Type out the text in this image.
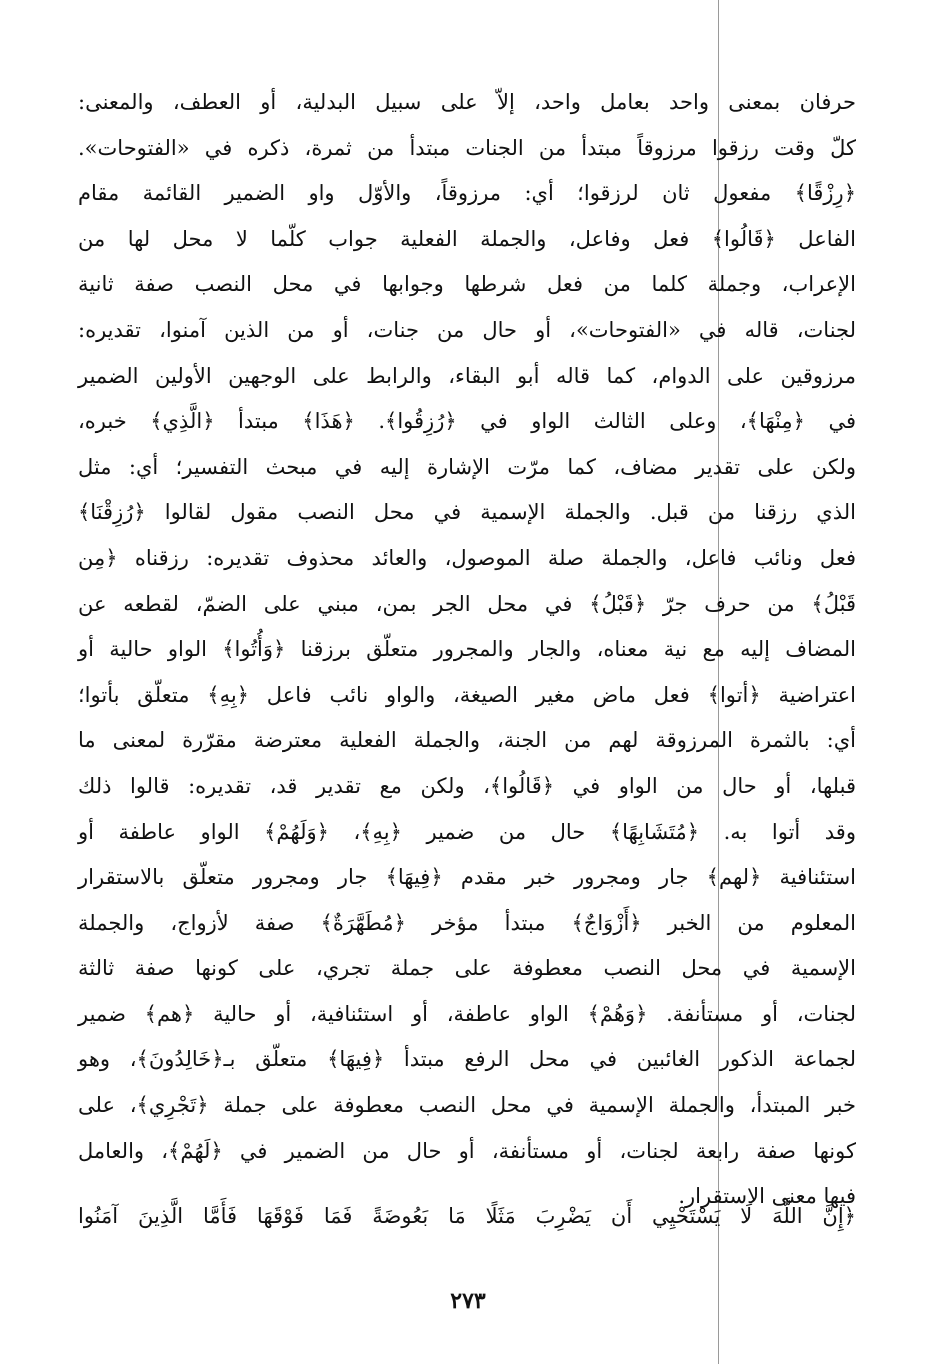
حرفان بمعنى واحد بعامل واحد، إلاّ على سبيل البدلية، أو العطف، والمعنى:
كلّ وقت رزقوا مرزوقاً مبتدأ من الجنات مبتدأ من ثمرة، ذكره في «الفتوحات».
﴿رِزْقًا﴾ مفعول ثان لرزقوا؛ أي: مرزوقاً، والأوّل واو الضمير القائمة مقام
الفاعل ﴿قَالُوا﴾ فعل وفاعل، والجملة الفعلية جواب كلّما لا محل لها من
الإعراب، وجملة كلما من فعل شرطها وجوابها في محل النصب صفة ثانية
لجنات، قاله في «الفتوحات»، أو حال من جنات، أو من الذين آمنوا، تقديره:
مرزوقين على الدوام، كما قاله أبو البقاء، والرابط على الوجهين الأولين الضمير
في ﴿مِنْهَا﴾، وعلى الثالث الواو في ﴿رُزِقُوا﴾. ﴿هَذَا﴾ مبتدأ ﴿الَّذِي﴾ خبره،
ولكن على تقدير مضاف، كما مرّت الإشارة إليه في مبحث التفسير؛ أي: مثل
الذي رزقنا من قبل. والجملة الإسمية في محل النصب مقول لقالوا ﴿رُزِقْنَا﴾
فعل ونائب فاعل، والجملة صلة الموصول، والعائد محذوف تقديره: رزقناه ﴿مِن
قَبْلُ﴾ من حرف جرّ ﴿قَبْلُ﴾ في محل الجر بمن، مبني على الضمّ، لقطعه عن
المضاف إليه مع نية معناه، والجار والمجرور متعلّق برزقنا ﴿وَأُتُوا﴾ الواو حالية أو
اعتراضية ﴿أتوا﴾ فعل ماض مغير الصيغة، والواو نائب فاعل ﴿بِهِ﴾ متعلّق بأتوا؛
أي: بالثمرة المرزوقة لهم من الجنة، والجملة الفعلية معترضة مقرّرة لمعنى ما
قبلها، أو حال من الواو في ﴿قَالُوا﴾، ولكن مع تقدير قد، تقديره: قالوا ذلك
وقد أتوا به. ﴿مُتَشَابِهًا﴾ حال من ضمير ﴿بِهِ﴾، ﴿وَلَهُمْ﴾ الواو عاطفة أو
استئنافية ﴿لهم﴾ جار ومجرور خبر مقدم ﴿فِيهَا﴾ جار ومجرور متعلّق بالاستقرار
المعلوم من الخبر ﴿أَزْوَاجٌ﴾ مبتدأ مؤخر ﴿مُطَهَّرَةٌ﴾ صفة لأزواج، والجملة
الإسمية في محل النصب معطوفة على جملة تجري، على كونها صفة ثالثة
لجنات، أو مستأنفة. ﴿وَهُمْ﴾ الواو عاطفة، أو استئنافية، أو حالية ﴿هم﴾ ضمير
لجماعة الذكور الغائبين في محل الرفع مبتدأ ﴿فِيهَا﴾ متعلّق بـ﴿خَالِدُونَ﴾، وهو
خبر المبتدأ، والجملة الإسمية في محل النصب معطوفة على جملة ﴿تَجْرِي﴾، على
كونها صفة رابعة لجنات، أو مستأنفة، أو حال من الضمير في ﴿لَهُمْ﴾، والعامل
فيها معنى الاستقرار.

﴿إِنَّ اللَّهَ لَا يَسْتَحْيِي أَن يَضْرِبَ مَثَلًا مَا بَعُوضَةً فَمَا فَوْقَهَا فَأَمَّا الَّذِينَ آمَنُوا

٢٧٣
